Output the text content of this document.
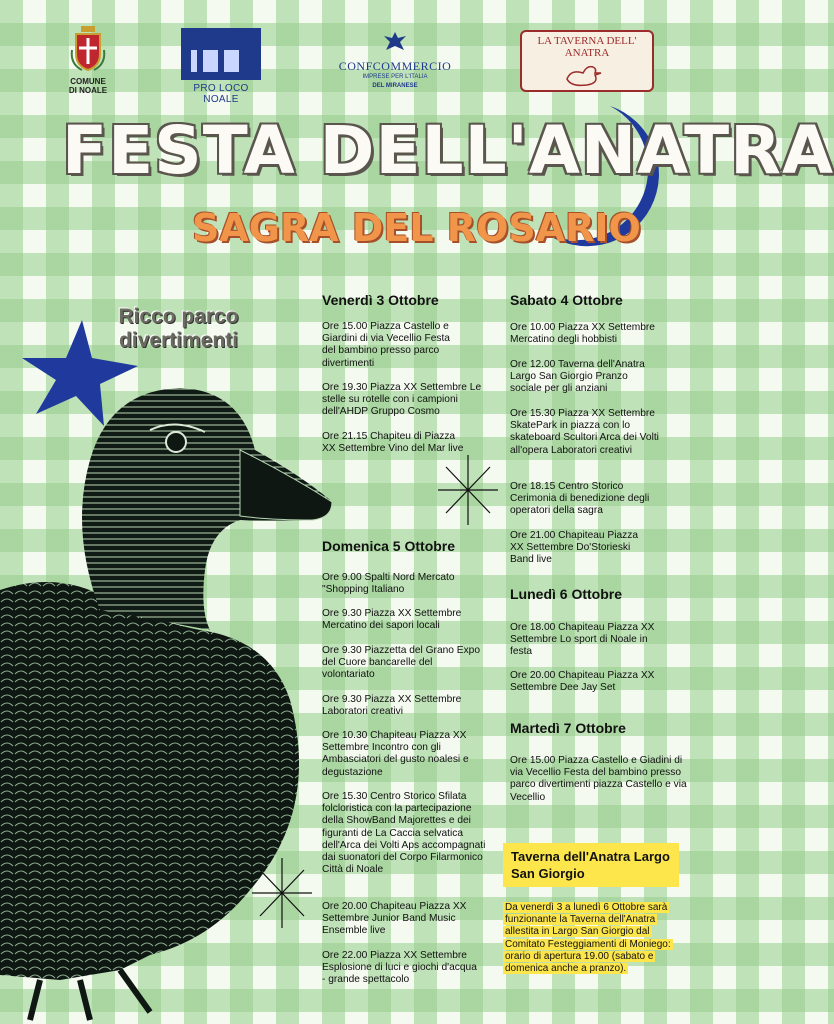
COMUNE DI NOALE	PRO LOCO NOALE
CONFCOMMERCIO
IMPRESE PER L'ITALIA
DEL MIRANESE
LA TAVERNA DELL' ANATRA
FESTA DELL'ANATRA
SAGRA DEL ROSARIO
Ricco parco divertimenti
Venerdì 3 Ottobre
Ore 15.00 Piazza Castello e Giardini di via Vecellio Festa del bambino presso parco divertimenti
Ore 19.30 Piazza XX Settembre Le stelle su rotelle con i campioni dell'AHDP Gruppo Cosmo
Ore 21.15 Chapiteu di Piazza XX Settembre Vino del Mar live
Domenica 5 Ottobre
Ore 9.00 Spalti Nord Mercato "Shopping Italiano
Ore 9.30 Piazza XX Settembre Mercatino dei sapori locali
Ore 9.30 Piazzetta del Grano Expo del Cuore bancarelle del volontariato
Ore 9.30 Piazza XX Settembre Laboratori creativi
Ore 10.30 Chapiteau Piazza XX Settembre Incontro con gli Ambasciatori del gusto noalesi e degustazione
Ore 15.30 Centro Storico Sfilata folcloristica con la partecipazione della ShowBand Majorettes e dei figuranti de La Caccia selvatica dell'Arca dei Volti Aps accompagnati dai suonatori del Corpo Filarmonico Città di Noale
Ore 20.00 Chapiteau Piazza XX Settembre Junior Band Music Ensemble live
Ore 22.00 Piazza XX Settembre Esplosione di luci e giochi d'acqua - grande spettacolo
Sabato 4 Ottobre
Ore 10.00 Piazza XX Settembre Mercatino degli hobbisti
Ore 12.00 Taverna dell'Anatra Largo San Giorgio Pranzo sociale per gli anziani
Ore 15.30 Piazza XX Settembre SkatePark in piazza con lo skateboard Scultori Arca dei Volti all'opera Laboratori creativi
Ore 18.15 Centro Storico Cerimonia di benedizione degli operatori della sagra
Ore 21.00 Chapiteau Piazza XX Settembre Do'Storieski Band live
Lunedì 6 Ottobre
Ore 18.00 Chapiteau Piazza XX Settembre Lo sport di Noale in festa
Ore 20.00 Chapiteau Piazza XX Settembre Dee Jay Set
Martedì 7 Ottobre
Ore 15.00 Piazza Castello e Giadini di via Vecellio Festa del bambino presso parco divertimenti piazza Castello e via Vecellio
Taverna dell'Anatra Largo San Giorgio
Da venerdì 3 a lunedì 6 Ottobre sarà funzionante la Taverna dell'Anatra allestita in Largo San Giorgio dal Comitato Festeggiamenti di Moniego: orario di apertura 19.00 (sabato e domenica anche a pranzo).
